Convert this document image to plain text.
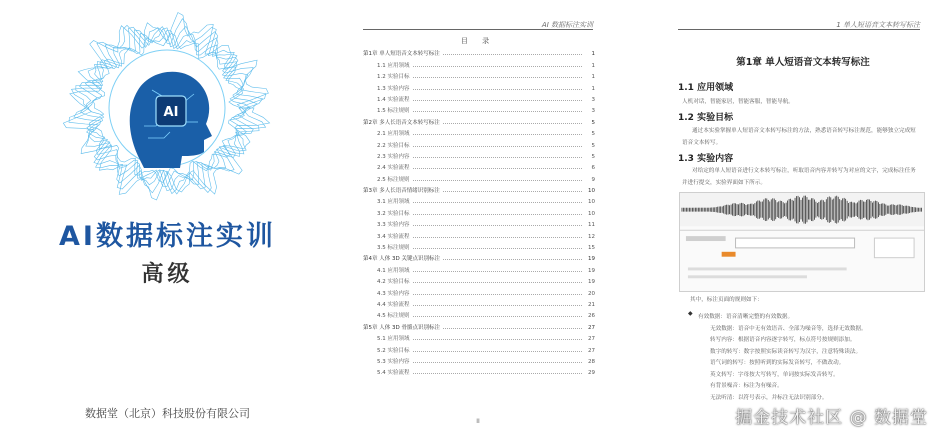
AI
AI数据标注实训
高级
数据堂（北京）科技股份有限公司
AI 数据标注实训
目 录
第1章 单人短语音文本转写标注	1
1.1 应用领域	1
1.2 实验目标	1
1.3 实验内容	1
1.4 实验流程	3
1.5 标注规则	3
第2章 多人长语音文本转写标注	5
2.1 应用领域	5
2.2 实验目标	5
2.3 实验内容	5
2.4 实验流程	6
2.5 标注规则	9
第3章 多人长语音情绪识别标注	10
3.1 应用领域	10
3.2 实验目标	10
3.3 实验内容	11
3.4 实验流程	12
3.5 标注规则	15
第4章 人体 3D 关键点识别标注	19
4.1 应用领域	19
4.2 实验目标	19
4.3 实验内容	20
4.4 实验流程	21
4.5 标注规则	26
第5章 人体 3D 骨骼点识别标注	27
5.1 应用领域	27
5.2 实验目标	27
5.3 实验内容	28
5.4 实验流程	29
II
1 单人短语音文本转写标注
第1章 单人短语音文本转写标注
1.1 应用领域
人机对话，智能家居，智能客服，智能导航。
1.2 实验目标
通过本实验掌握单人短语音文本转写标注的方法，熟悉语音转写标注规范，能够独立完成短语音文本转写。
1.3 实验内容
对给定的单人短语音进行文本转写标注，听取语音内容并转写为对应的文字，完成标注任务并进行提交，实验界面如下所示。
其中，标注页面的规则如下：
有效数据：语音清晰完整的有效数据。
无效数据：语音中无有效语音、全部为噪音等，选择无效数据。
转写内容：根据语音内容逐字转写，标点符号按规则添加。
数字的转写：数字按照实际读音转写为汉字，注意特殊读法。
语气词的转写：按照听到的实际发音转写，不做改动。
英文转写：字母按大写转写，单词按实际发音转写。
有背景噪音：标注为有噪音。
无法听清：以符号表示，并标注无法识别部分。
◆
掘金技术社区 @ 数据堂
